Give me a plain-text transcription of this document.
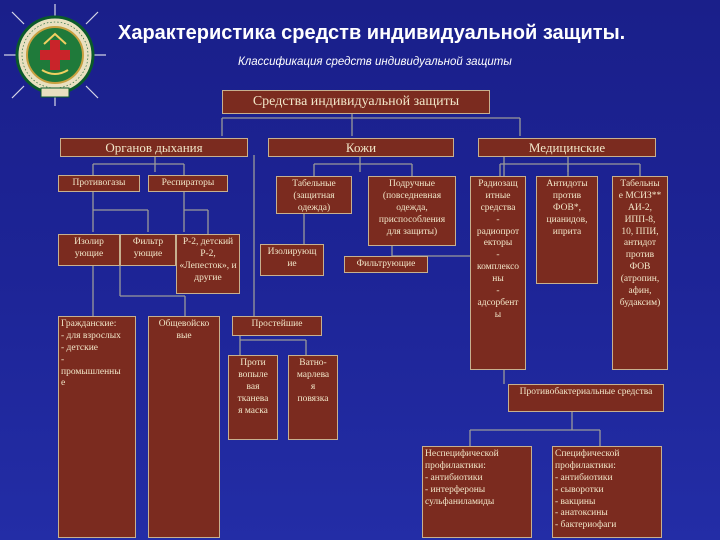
Характеристика средств индивидуальной защиты.
Классификация средств индивидуальной защиты
Средства индивидуальной защиты
Органов дыхания	Кожи	Медицинские
Противогазы	Респираторы
Изолир
ующие
Фильтр
ующие
Р-2, детский Р-2, «Лепесток», и другие
Гражданские:
- для взрослых
- детские
-
промышленны
е
Общевойско вые
Табельные (защитная одежда)
Подручные (повседневная одежда, приспособления для защиты)
Изолирующ ие	Фильтрующие
Простейшие
Проти
вопыле
вая
тканева
я маска
Ватно-
марлева
я
повязка
Радиозащ
итные
средства
-
радиопрот
екторы
-
комплексо
ны
-
адсорбент
ы
Антидоты
против
ФОВ*,
цианидов,
иприта
Табельны
е МСИЗ**
АИ-2,
ИПП-8,
10, ППИ,
антидот
против
ФОВ
(атропин,
афин,
будаксим)
Противобактериальные средства
Неспецифической профилактики:
- антибиотики
- интерфероны
сульфаниламиды
Специфической профилактики:
- антибиотики
- сыворотки
- вакцины
- анатоксины
- бактериофаги
